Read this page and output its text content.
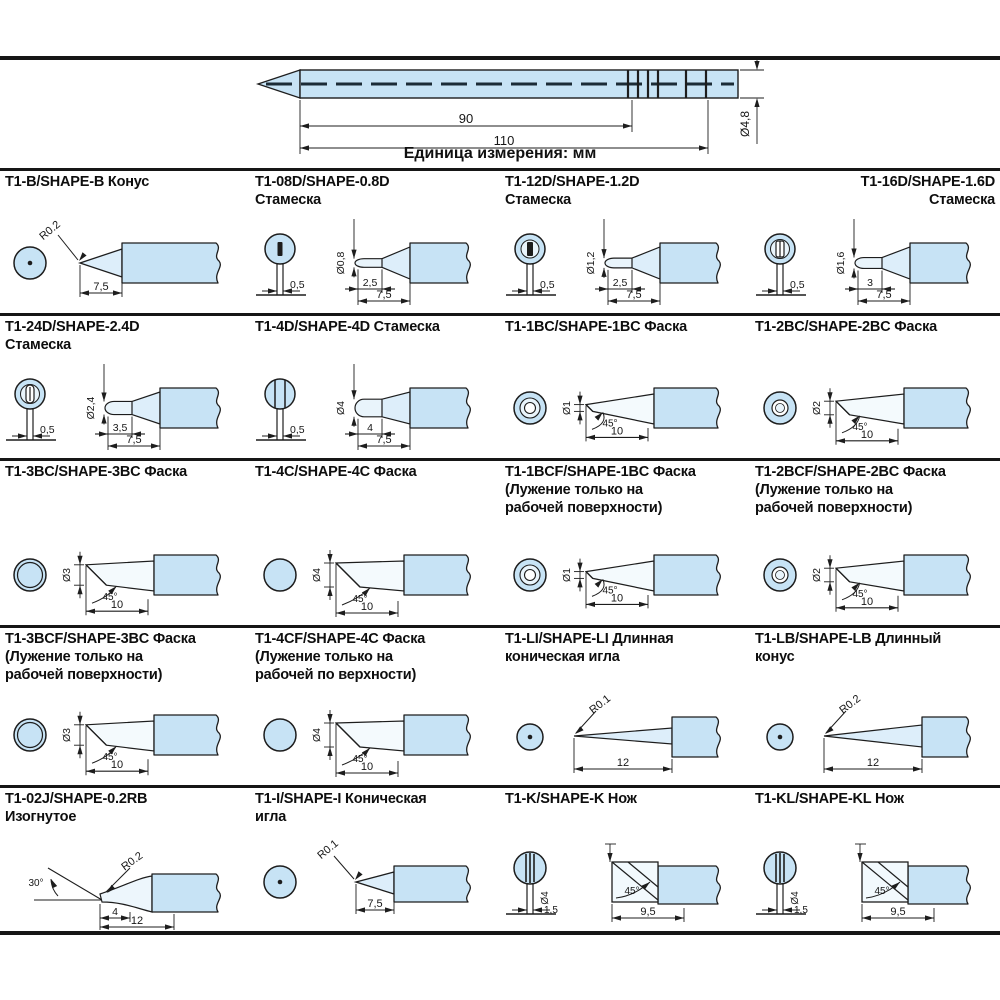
90
110
Ø4,8
Единица измерения: мм
T1-B/SHAPE-B Конус
R0.2
7,5
T1-08D/SHAPE-0.8D
Стамеска
0,5
Ø0,8
2,5
7,5
T1-12D/SHAPE-1.2D
Стамеска
0,5
Ø1,2
2,5
7,5
T1-16D/SHAPE-1.6D
Стамеска
0,5
Ø1,6
3
7,5
T1-24D/SHAPE-2.4D
Стамеска
0,5
Ø2,4
3,5
7,5
T1-4D/SHAPE-4D Стамеска
0,5
Ø4
4
7,5
T1-1BC/SHAPE-1BC Фаска
45°
10
Ø1
T1-2BC/SHAPE-2BC Фаска
45°
10
Ø2
T1-3BC/SHAPE-3BC Фаска
45°
10
Ø3
T1-4C/SHAPE-4C Фаска
45°
10
Ø4
T1-1BCF/SHAPE-1BC Фаска
(Лужение только на
рабочей поверхности)
45°
10
Ø1
T1-2BCF/SHAPE-2BC Фаска
(Лужение только на
рабочей поверхности)
45°
10
Ø2
T1-3BCF/SHAPE-3BC Фаска
(Лужение только на
рабочей поверхности)
45°
10
Ø3
T1-4CF/SHAPE-4C Фаска
(Лужение только на
рабочей по верхности)
45°
10
Ø4
T1-LI/SHAPE-LI Длинная
коническая игла
R0.1
12
T1-LB/SHAPE-LB Длинный
конус
R0.2
12
T1-02J/SHAPE-0.2RB
Изогнутое
30°
R0.2
4
12
T1-I/SHAPE-I Коническая
игла
R0.1
7,5
T1-K/SHAPE-K Нож
Ø4
1,5
45°
9,5
T1-KL/SHAPE-KL Нож
Ø4
1,5
45°
9,5
